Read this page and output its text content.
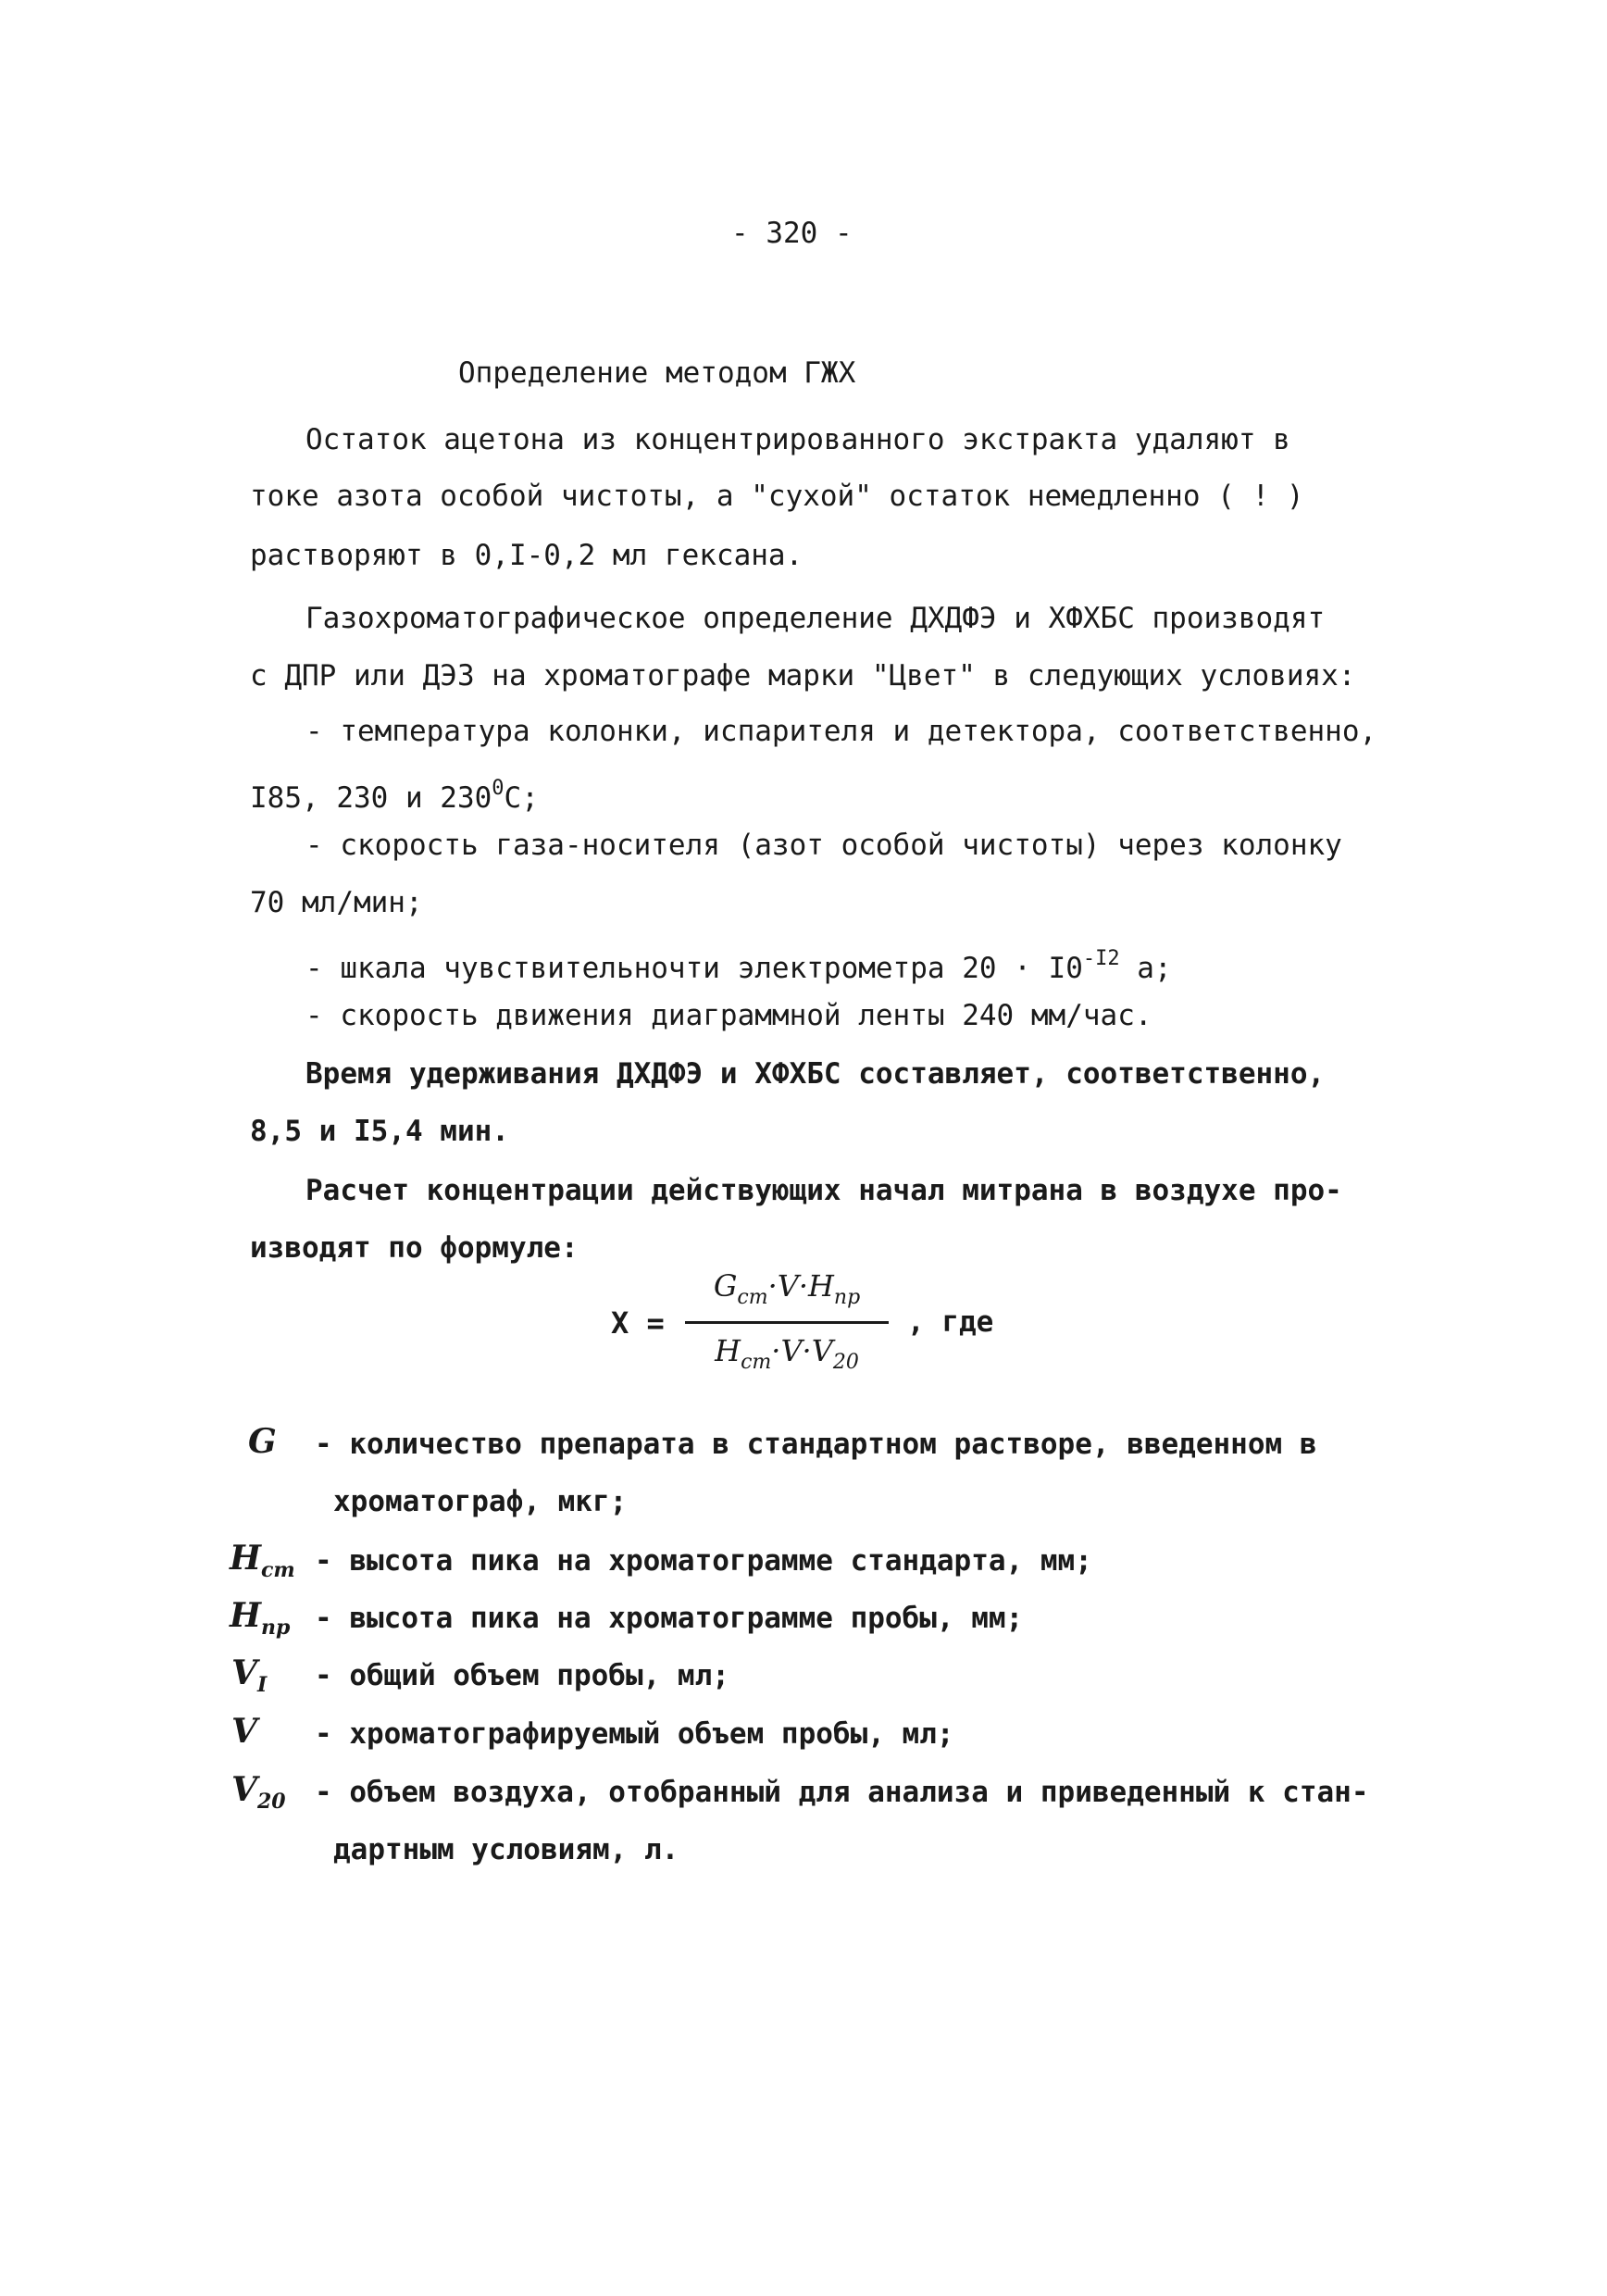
- 320 -
Определение методом ГЖХ
Остаток ацетона из концентрированного экстракта удаляют в
токе азота особой чистоты, а "сухой" остаток немедленно ( ! )
растворяют в 0,I-0,2 мл гексана.
Газохроматографическое определение ДХДФЭ и ХФХБС производят
с ДПР или ДЭЗ на хроматографе марки "Цвет" в следующих условиях:
- температура колонки, испарителя и детектора, соответственно,
I85, 230 и $230^0С$;
- скорость газа-носителя (азот особой чистоты) через колонку
70 мл/мин;
- шкала чувствительночти электрометра $20 \cdot I0^{-I2}$ а;
- скорость движения диаграммной ленты 240 мм/час.
Время удерживания ДХДФЭ и ХФХБС составляет, соответственно,
8,5 и I5,4 мин.
Расчет концентрации действующих начал митрана в воздухе про-
изводят по формуле:
X =
$G_{ст}\cdot V\cdot H_{пр}$
$H_{ст}\cdot V\cdot V_{20}$
, где
G - количество препарата в стандартном растворе, введенном в
хроматограф, мкг;
$H_{ст}$ - высота пика на хроматограмме стандарта, мм;
$H_{пр}$ - высота пика на хроматограмме пробы, мм;
$V_I$ - общий объем пробы, мл;
V - хроматографируемый объем пробы, мл;
$V_{20}$ - объем воздуха, отобранный для анализа и приведенный к стан-
дартным условиям, л.
